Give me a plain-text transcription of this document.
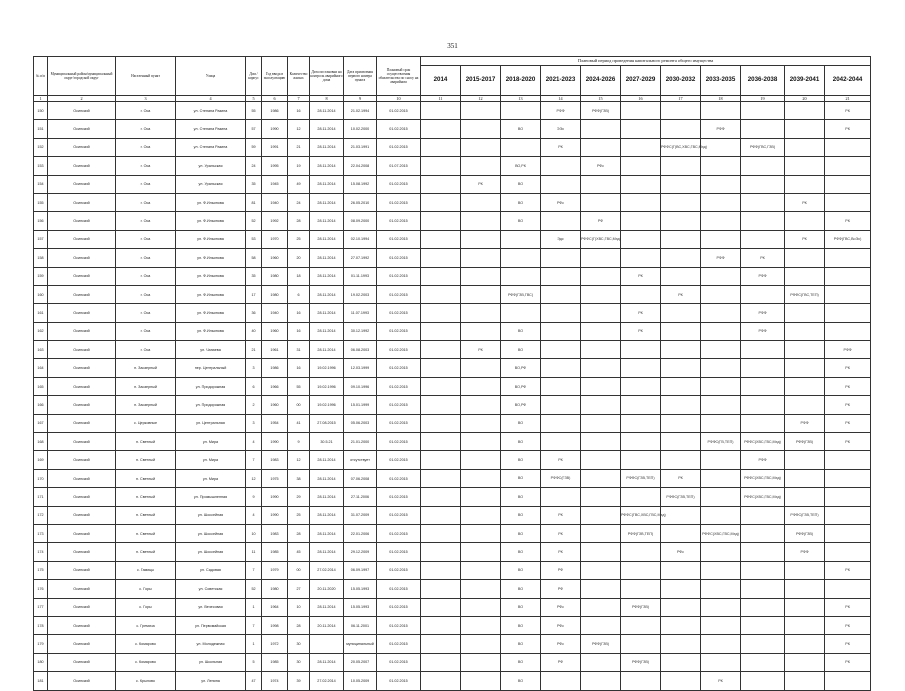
351
№ п/п	Муниципальный район/муниципальный округ/городской округ	Населенный пункт	Улица	Дом / корпус	Год ввода в эксплуатацию	Количество жилых	Дата постановки на контроль аварийного дома	Дата присвоения первого номера пункта	Плановый срок осуществления обязательства по сносу на аварийном	Плановый период проведения капитального ремонта общего имущества										
										2014	2015-2017	2018-2020	2021-2023	2024-2026	2027-2029	2030-2032	2033-2035	2036-2038	2039-2041	2042-2044
1	2	3	4	5	6	7	8	9	10	11	12	13	14	15	16	17	18	19	20	21
150	Осинский	г. Оса	ул. Степана Разина	55	1986	16	28.11.2014	21.02.1994	01.02.2015				РФФ	РФФ(ГЗВ)						РК
151	Осинский	г. Оса	ул. Степана Разина	57	1990	12	28.11.2014	10.02.2000	01.02.2015			ВО	ЭЭс				РФФ			РК
152	Осинский	г. Оса	ул. Степана Разина	59	1991	21	28.11.2014	21.03.1991	01.02.2015				РК			РФФС(Г)ВС,ХВС,ГВС,Мэд)		РФФ(ГВС,ГЗВ)		
153	Осинский	г. Оса	ул. Уральская	24	1995	19	28.11.2014	22.04.2008	01.07.2015			ВО,РК		РФс						
154	Осинский	г. Оса	ул. Уральская	35	1945	49	28.11.2014	15.08.1992	01.02.2015		РК	ВО								
155	Осинский	г. Оса	ул. Ф.Ильинова	81	1940	24	28.11.2014	26.05.2010	01.02.2015			ВО	РФс						РК	
156	Осинский	г. Оса	ул. Ф.Ильинова	52	1992	28	28.11.2014	08.09.2000	01.02.2015			ВО		РФ						РК
157	Осинский	г. Оса	ул. Ф.Ильинова	53	1970	25	28.11.2014	02.10.1994	01.02.2015				Эдс	РФФС(Г)ХВС,ГВС,Мэд)					РК	РФФ(ГВС,ВоЭс)
158	Осинский	г. Оса	ул. Ф.Ильинова	58	1960	20	28.11.2014	27.07.1992	01.02.2015								РФФ	РК		
159	Осинский	г. Оса	ул. Ф.Ильинова	35	1980	18	28.11.2014	01.11.1993	01.02.2015						РК			РФФ		
160	Осинский	г. Оса	ул. Ф.Ильинова	17	1980	6	28.11.2014	19.02.2003	01.02.2015			РФФ(ГЗВ,ГВС)				РК			РФФС(ГВС,ТЕП)	
161	Осинский	г. Оса	ул. Ф.Ильинова	36	1940	16	28.11.2014	11.07.1993	01.02.2015						РК			РФФ		
162	Осинский	г. Оса	ул. Ф.Ильинова	40	1960	16	28.11.2014	30.12.1992	01.02.2015			ВО			РК			РФФ		
163	Осинский	г. Оса	ул. Чапаева	21	1961	31	28.11.2014	06.08.2003	01.02.2015		РК	ВО								РФФ
164	Осинский	п. Заозерный	пер. Центральный	3	1986	16	19.02.1996	12.03.1999	01.02.2015			ВО,РФ								РК
165	Осинский	п. Заозерный	ул. Придорожная	6	1966	55	19.02.1996	09.10.1996	01.02.2015			ВО,РФ								РК
166	Осинский	п. Заозерный	ул. Придорожная	2	1960	00	19.02.1996	15.01.1999	01.02.2015			ВО,РФ								РК
167	Осинский	с. Церковные	ул. Центральная	3	1954	41	27.08.2015	05.06.2003	01.02.2015			ВО							РФФ	РК
168	Осинский	п. Светлый	ул. Мира	4	1990	9	30.5.21	21.01.2000	01.02.2015			ВО					РФФС(ГВ,ТЕП)	РФФС(ХВС,ГВС,Мэд)	РФФ(ГЗВ)	РК
169	Осинский	п. Светлый	ул. Мира	7	1983	12	28.11.2014	отсутствует	01.02.2015			ВО	РК					РФФ		
170	Осинский	п. Светлый	ул. Мира	12	1975	38	28.11.2014	07.06.2008	01.02.2015			ВО	РФФС(ГЗВ)		РФФС(ГЗВ,ТЕП)	РК		РФФС(ХВС,ГВС,Мэд)		
171	Осинский	п. Светлый	ул. Промышленная	9	1990	29	28.11.2014	27.11.2006	01.02.2015			ВО				РФФС(ГЗВ,ТЕП)		РФФС(ХВС,ГВС,Мэд)		
172	Осинский	п. Светлый	ул. Шоссейная	4	1990	25	28.11.2014	31.07.2009	01.02.2015			ВО	РК		РФФС(ГВС,ХВС,ГВС,Мэд)				РФФС(ГЗВ,ТЕП)	
173	Осинский	п. Светлый	ул. Шоссейная	10	1983	28	28.11.2014	22.01.2006	01.02.2015			ВО	РК		РФФ(ГЗВ,ТЕП)		РФФС(ХВС,ГВС,Мэд)		РФФ(ГЗВ)	
174	Осинский	п. Светлый	ул. Шоссейная	11	1985	45	28.11.2014	29.12.2009	01.02.2015			ВО	РК			РФс			РФФ	
175	Осинский	с. Гамицы	ул. Садовая	7	1979	00	27.02.2014	06.09.1997	01.02.2015			ВО	РФ							РК
176	Осинский	с. Горы	ул. Советская	52	1980	27	20.11.2020	15.05.1993	01.02.2015			ВО	РФ							
177	Осинский	с. Горы	ул. Вечесовая	1	1964	10	28.11.2014	15.05.1993	01.02.2015			ВО	РФс		РФФ(ГЗВ)					РК
178	Осинский	с. Гремяча	ул. Первомайская	7	1998	28	20.11.2014	06.11.2001	01.02.2015			ВО	РФс							РК
179	Осинский	с. Комарово	ул. Молодежная	1	1972	30		муниципальный	01.02.2015			ВО	РФс	РФФ(ГЗВ)						РК
180	Осинский	с. Комарово	ул. Школьная	5	1985	30	28.11.2014	20.05.2007	01.02.2015			ВО	РФ		РФФ(ГЗВ)					РК
181	Осинский	с. Крылово	ул. Ленина	47	1974	39	27.02.2014	10.05.2009	01.02.2015			ВО					РК			
